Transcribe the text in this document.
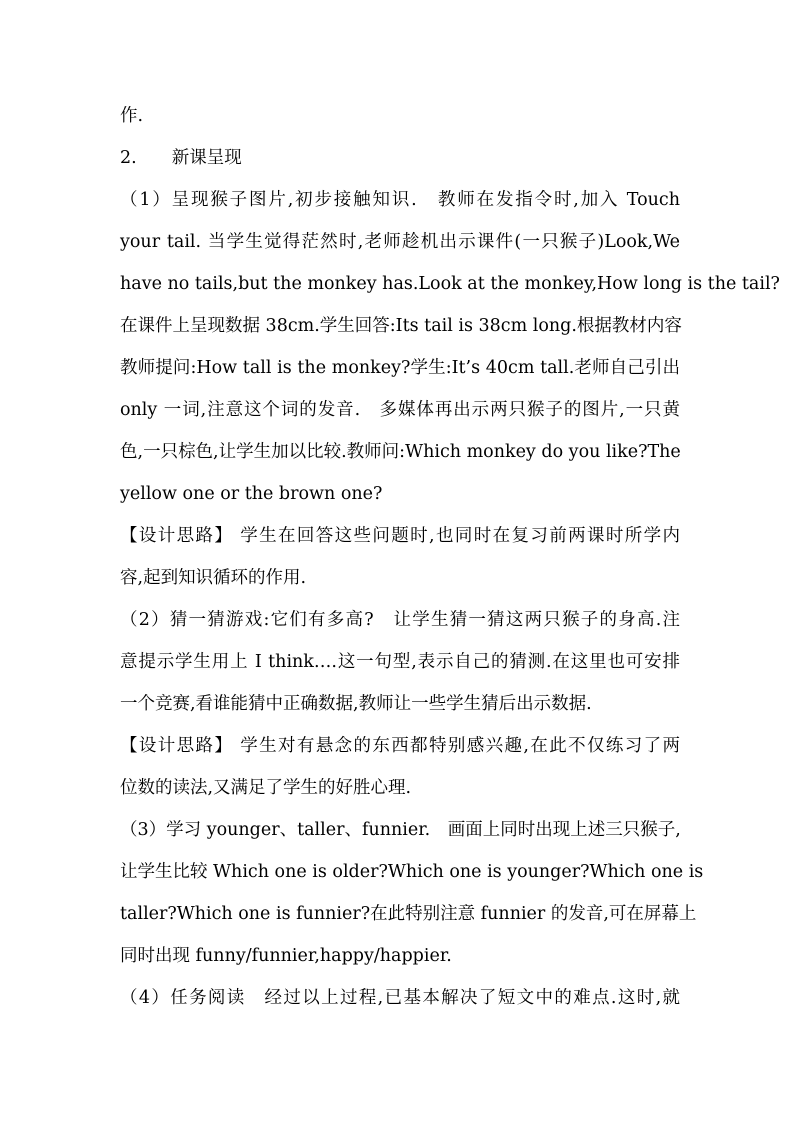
作.
2.　　新课呈现
（1）呈现猴子图片,初步接触知识.　教师在发指令时,加入 Touch
your tail. 当学生觉得茫然时,老师趁机出示课件(一只猴子)Look,We
have no tails,but the monkey has.Look at the monkey,How long is the tail?
在课件上呈现数据 38cm.学生回答:Its tail is 38cm long.根据教材内容
教师提问:How tall is the monkey?学生:It’s 40cm tall.老师自己引出
only 一词,注意这个词的发音.　多媒体再出示两只猴子的图片,一只黄
色,一只棕色,让学生加以比较.教师问:Which monkey do you like?The
yellow one or the brown one?
【设计思路】 学生在回答这些问题时,也同时在复习前两课时所学内
容,起到知识循环的作用.
（2）猜一猜游戏:它们有多高?　让学生猜一猜这两只猴子的身高.注
意提示学生用上 I think….这一句型,表示自己的猜测.在这里也可安排
一个竞赛,看谁能猜中正确数据,教师让一些学生猜后出示数据.
【设计思路】 学生对有悬念的东西都特别感兴趣,在此不仅练习了两
位数的读法,又满足了学生的好胜心理.
（3）学习 younger、taller、funnier.　画面上同时出现上述三只猴子,
让学生比较 Which one is older?Which one is younger?Which one is
taller?Which one is funnier?在此特别注意 funnier 的发音,可在屏幕上
同时出现 funny/funnier,happy/happier.
（4）任务阅读　经过以上过程,已基本解决了短文中的难点.这时,就
